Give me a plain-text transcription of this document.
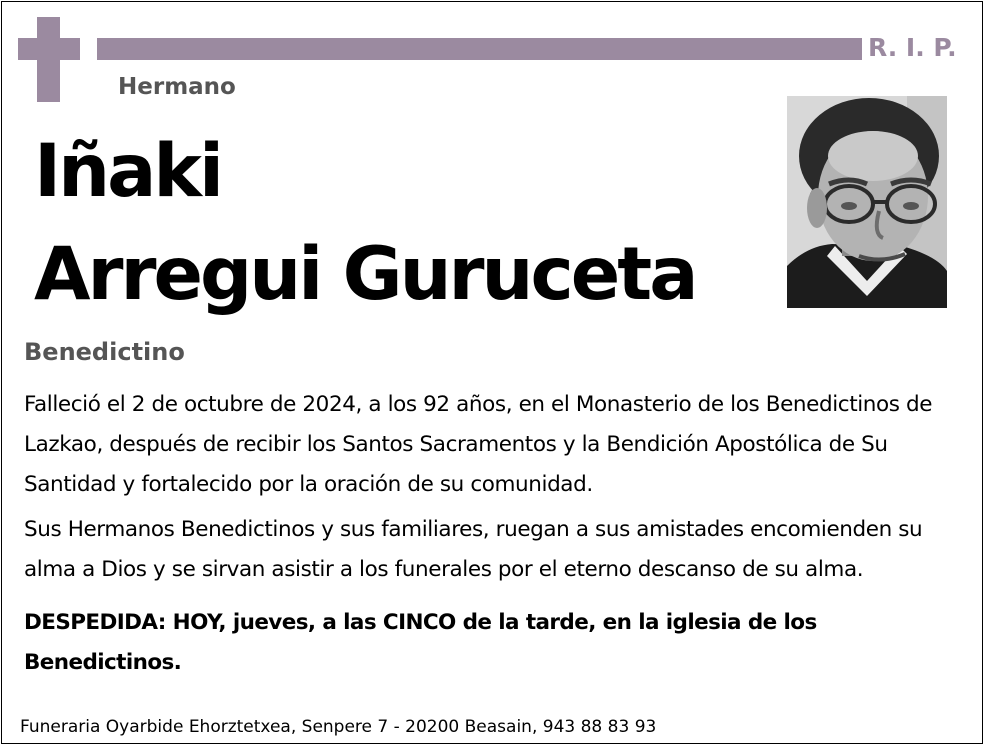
R. I. P.
Hermano
Iñaki
Arregui Guruceta
Benedictino
Falleció el 2 de octubre de 2024, a los 92 años, en el Monasterio de los Benedictinos de Lazkao, después de recibir los Santos Sacramentos y la Bendición Apostólica de Su Santidad y fortalecido por la oración de su comunidad.
Sus Hermanos Benedictinos y sus familiares, ruegan a sus amistades encomienden su alma a Dios y se sirvan asistir a los funerales por el eterno descanso de su alma.
DESPEDIDA: HOY, jueves, a las CINCO de la tarde, en la iglesia de los Benedictinos.
Funeraria Oyarbide Ehorztetxea, Senpere 7 - 20200 Beasain, 943 88 83 93
